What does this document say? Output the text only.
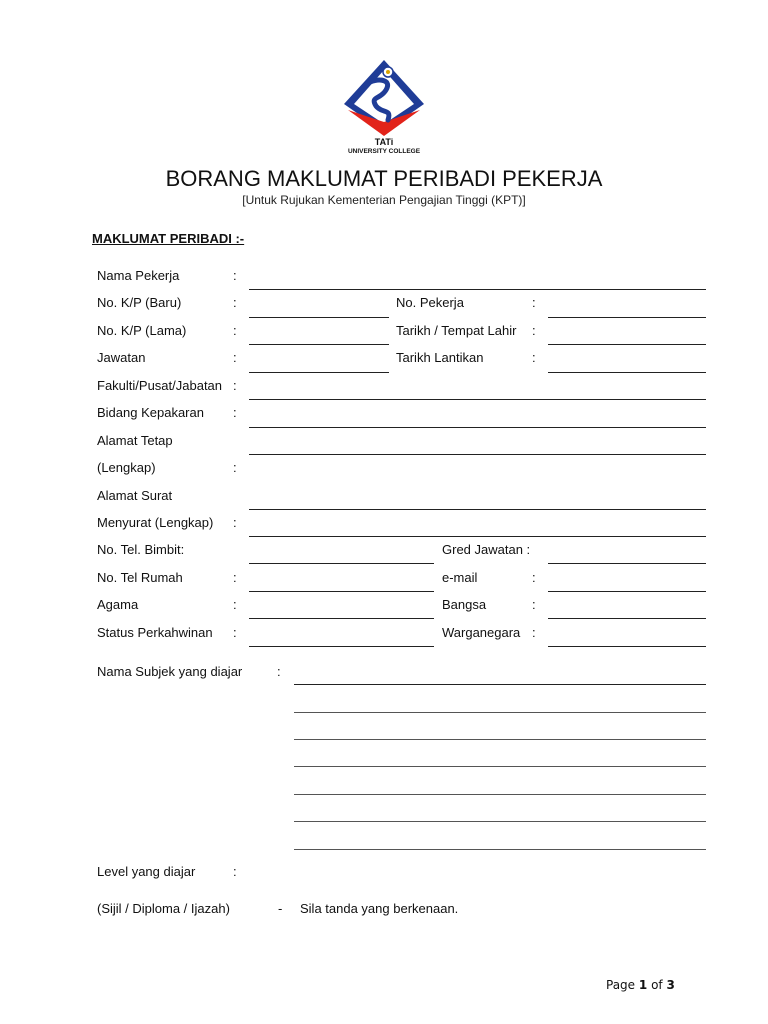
TATi
UNIVERSITY COLLEGE
BORANG MAKLUMAT PERIBADI PEKERJA
[Untuk Rujukan Kementerian Pengajian Tinggi (KPT)]
MAKLUMAT PERIBADI :-
Nama Pekerja	:
No. K/P (Baru)	:	No. Pekerja	:
No. K/P (Lama)	:	Tarikh / Tempat Lahir :
Jawatan	:	Tarikh Lantikan	:
Fakulti/Pusat/Jabatan :
Bidang Kepakaran :
Alamat Tetap
(Lengkap)	:
Alamat Surat
Menyurat (Lengkap) :
No. Tel. Bimbit:	Gred Jawatan :
No. Tel Rumah	:	e-mail	:
Agama	:	Bangsa	:
Status Perkahwinan :	Warganegara :
Nama Subjek yang diajar	:
Level yang diajar	:
(Sijil / Diploma / Ijazah)	- Sila tanda yang berkenaan.
Page 1 of 3
